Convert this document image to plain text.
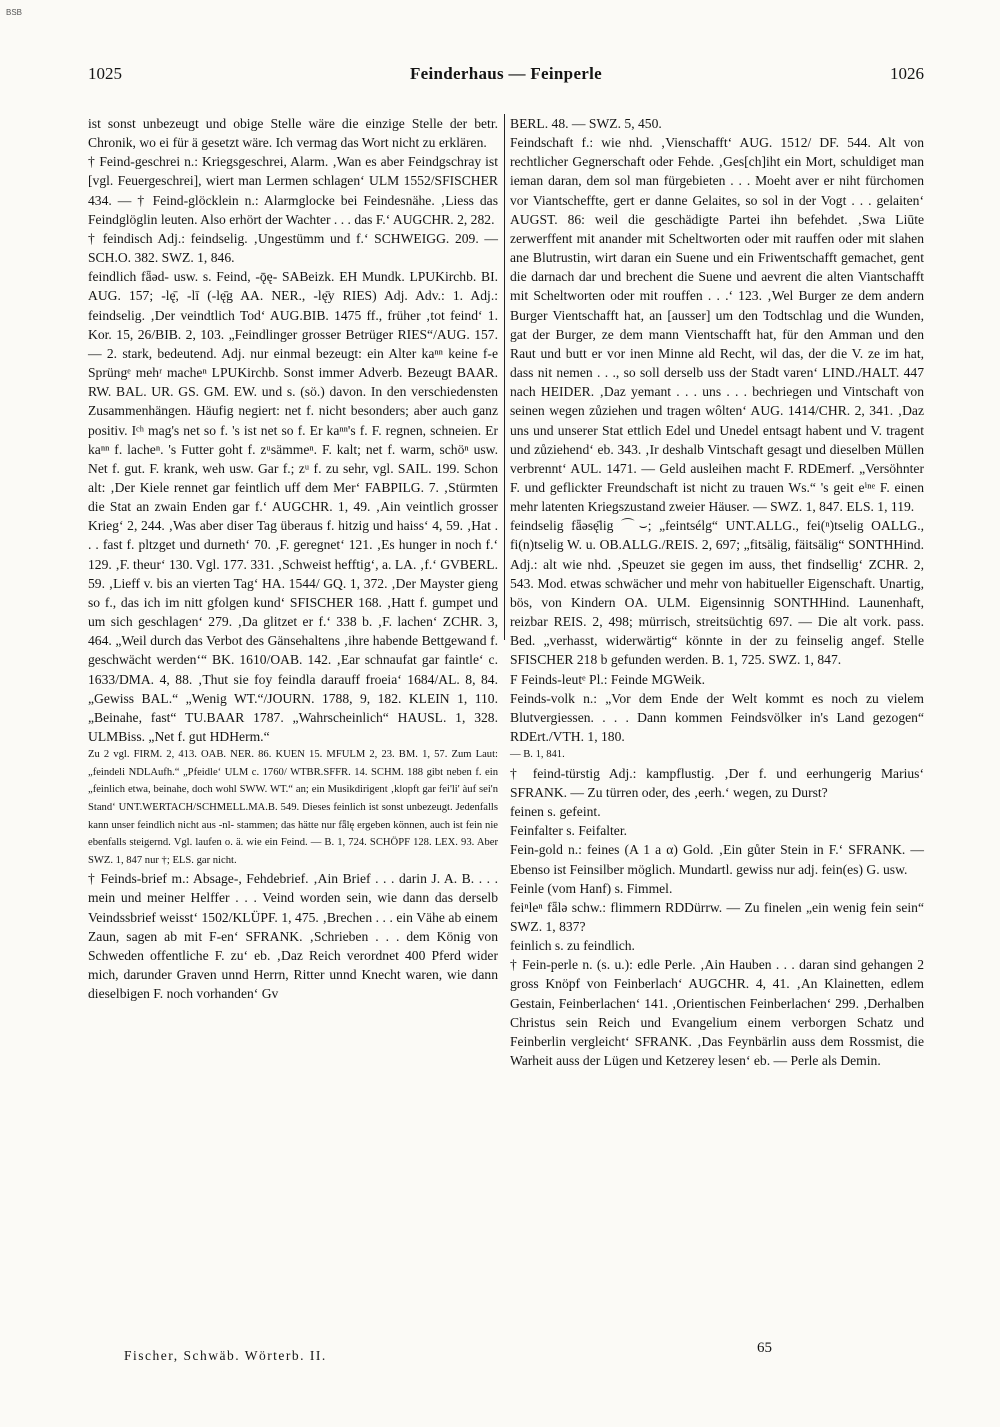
BSB
1025	Feinderhaus — Feinperle	1026

ist sonst unbezeugt und obige Stelle wäre die einzige Stelle der betr. Chronik, wo ei für ä gesetzt wäre. Ich vermag das Wort nicht zu erklären.

† Feind-geschrei n.: Kriegsgeschrei, Alarm. ‚Wan es aber Feindgschray ist [vgl. Feuergeschrei], wiert man Lermen schlagen‘ ULM 1552/SFISCHER 434. — † Feind-glöcklein n.: Alarmglocke bei Feindesnähe. ‚Liess das Feindglöglin leuten. Also erhört der Wachter . . . das F.‘ AUGCHR. 2, 282.

† feindisch Adj.: feindselig. ‚Ungestümm und f.‘ SCHWEIGG. 209. — SCH.O. 382. SWZ. 1, 846.

feindlich fǟəd- usw. s. Feind, -ǭę- SABeizk. EH Mundk. LPUKirchb. BI. AUG. 157; -lę̄, -lī (-lę̄g AA. NER., -lę̄y RIES) Adj. Adv.: 1. Adj.: feindselig. ‚Der veindtlich Tod‘ AUG.BIB. 1475 ff., früher ‚tot feind‘ 1. Kor. 15, 26/BIB. 2, 103. „Feindlinger grosser Betrüger RIES“/AUG. 157. — 2. stark, bedeutend. Adj. nur einmal bezeugt: ein Alter kaⁿⁿ keine f-e Sprüngᵉ mehʳ macheⁿ LPUKirchb. Sonst immer Adverb. Bezeugt BAAR. RW. BAL. UR. GS. GM. EW. und s. (sö.) davon. In den verschiedensten Zusammenhängen. Häufig negiert: net f. nicht besonders; aber auch ganz positiv. Iᶜʰ mag's net so f. 's ist net so f. Er kaⁿⁿ's f. F. regnen, schneien. Er kaⁿⁿ f. lacheⁿ. 's Futter goht f. zᵘsämmeⁿ. F. kalt; net f. warm, schöⁿ usw. Net f. gut. F. krank, weh usw. Gar f.; zᵘ f. zu sehr, vgl. SAIL. 199. Schon alt: ‚Der Kiele rennet gar feintlich uff dem Mer‘ FABPILG. 7. ‚Stürmten die Stat an zwain Enden gar f.‘ AUGCHR. 1, 49. ‚Ain veintlich grosser Krieg‘ 2, 244. ‚Was aber diser Tag überaus f. hitzig und haiss‘ 4, 59. ‚Hat . . . fast f. pltzget und durneth‘ 70. ‚F. geregnet‘ 121. ‚Es hunger in noch f.‘ 129. ‚F. theur‘ 130. Vgl. 177. 331. ‚Schweist hefftig‘, a. LA. ‚f.‘ GVBERL. 59. ‚Lieff v. bis an vierten Tag‘ HA. 1544/ GQ. 1, 372. ‚Der Mayster gieng so f., das ich im nitt gfolgen kund‘ SFISCHER 168. ‚Hatt f. gumpet und um sich geschlagen‘ 279. ‚Da glitzet er f.‘ 338 b. ‚F. lachen‘ ZCHR. 3, 464. „Weil durch das Verbot des Gänsehaltens ‚ihre habende Bettgewand f. geschwächt werden‘“ BK. 1610/OAB. 142. ‚Ear schnaufat gar faintle‘ c. 1633/DMA. 4, 88. ‚Thut sie foy feindla darauff froeia‘ 1684/AL. 8, 84. „Gewiss BAL.“ „Wenig WT.“/JOURN. 1788, 9, 182. KLEIN 1, 110. „Beinahe, fast“ TU.BAAR 1787. „Wahrscheinlich“ HAUSL. 1, 328. ULMBiss. „Net f. gut HDHerm.“

Zu 2 vgl. FIRM. 2, 413. OAB. NER. 86. KUEN 15. MFULM 2, 23. BM. 1, 57. Zum Laut: „feindeli NDLAufh.“ „Pfeidle‘ ULM c. 1760/ WTBR.SFFR. 14. SCHM. 188 gibt neben f. ein „feinlich etwa, beinahe, doch wohl SWW. WT.“ an; ein Musikdirigent ‚klopft gar fei'li' àuf sei'n Stand‘ UNT.WERTACH/SCHMELL.MA.B. 549. Dieses feinlich ist sonst unbezeugt. Jedenfalls kann unser feindlich nicht aus -nl- stammen; das hätte nur fǟlę ergeben können, auch ist fein nie ebenfalls steigernd. Vgl. laufen o. ä. wie ein Feind. — B. 1, 724. SCHÖPF 128. LEX. 93. Aber SWZ. 1, 847 nur †; ELS. gar nicht.

† Feinds-brief m.: Absage-, Fehdebrief. ‚Ain Brief . . . darin J. A. B. . . . mein und meiner Helffer . . . Veind worden sein, wie dann das derselb Veindssbrief weisst‘ 1502/KLÜPF. 1, 475. ‚Brechen . . . ein Vähe ab einem Zaun, sagen ab mit F-en‘ SFRANK. ‚Schrieben . . . dem König von Schweden offentliche F. zu‘ eb. ‚Daz Reich verordnet 400 Pferd wider mich, darunder Graven unnd Herrn, Ritter unnd Knecht waren, wie dann dieselbigen F. noch vorhanden‘ Gv

BERL. 48. — SWZ. 5, 450.

Feindschaft f.: wie nhd. ‚Vienschafft‘ AUG. 1512/ DF. 544. Alt von rechtlicher Gegnerschaft oder Fehde. ‚Ges[ch]iht ein Mort, schuldiget man ieman daran, dem sol man fürgebieten . . . Moeht aver er niht fürchomen vor Viantscheffte, gert er danne Gelaites, so sol in der Vogt . . . gelaiten‘ AUGST. 86: weil die geschädigte Partei ihn befehdet. ‚Swa Liūte zerwerffent mit anander mit Scheltworten oder mit rauffen oder mit slahen ane Blutrustin, wirt daran ein Suene und ein Friwentschafft gemachet, gent die darnach dar und brechent die Suene und aevrent die alten Viantschafft mit Scheltworten oder mit rouffen . . .‘ 123. ‚Wel Burger ze dem andern Burger Vientschafft hat, an [ausser] um den Todtschlag und die Wunden, gat der Burger, ze dem mann Vientschafft hat, für den Amman und den Raut und butt er vor inen Minne ald Recht, wil das, der die V. ze im hat, dass nit nemen . . ., so soll derselb uss der Stadt varen‘ LIND./HALT. 447 nach HEIDER. ‚Daz yemant . . . uns . . . bechriegen und Vintschaft von seinen wegen zůziehen und tragen wôlten‘ AUG. 1414/CHR. 2, 341. ‚Daz uns und unserer Stat ettlich Edel und Unedel entsagt habent und V. tragent und zůziehend‘ eb. 343. ‚Ir deshalb Vintschaft gesagt und dieselben Müllen verbrennt‘ AUL. 1471. — Geld ausleihen macht F. RDEmerf. „Versöhnter F. und geflickter Freundschaft ist nicht zu trauen Ws.“ 's geit eⁱⁿᵉ F. einen mehr latenten Kriegszustand zweier Häuser. — SWZ. 1, 847. ELS. 1, 119.

feindselig fǟəsę̄lig ⌒⌣; „feintsélg“ UNT.ALLG., fei(ⁿ)tselig OALLG., fi(n)tselig W. u. OB.ALLG./REIS. 2, 697; „fitsälig, fäitsälig“ SONTHHind. Adj.: alt wie nhd. ‚Speuzet sie gegen im auss, thet findsellig‘ ZCHR. 2, 543. Mod. etwas schwächer und mehr von habitueller Eigenschaft. Unartig, bös, von Kindern OA. ULM. Eigensinnig SONTHHind. Launenhaft, reizbar REIS. 2, 498; mürrisch, streitsüchtig 697. — Die alt vork. pass. Bed. „verhasst, widerwärtig“ könnte in der zu feinselig angef. Stelle SFISCHER 218 b gefunden werden. B. 1, 725. SWZ. 1, 847.

F Feinds-leutᵉ Pl.: Feinde MGWeik.

Feinds-volk n.: „Vor dem Ende der Welt kommt es noch zu vielem Blutvergiessen. . . . Dann kommen Feindsvölker in's Land gezogen“ RDErt./VTH. 1, 180.

— B. 1, 841.

† feind-türstig Adj.: kampflustig. ‚Der f. und eerhungerig Marius‘ SFRANK. — Zu türren oder, des ‚eerh.‘ wegen, zu Durst?

feinen s. gefeint.

Feinfalter s. Feifalter.

Fein-gold n.: feines (A 1 a α) Gold. ‚Ein gůter Stein in F.‘ SFRANK. — Ebenso ist Feinsilber möglich. Mundartl. gewiss nur adj. fein(es) G. usw.

Feinle (vom Hanf) s. Fimmel.

feiⁿleⁿ fǟlə schw.: flimmern RDDürrw. — Zu finelen „ein wenig fein sein“ SWZ. 1, 837?

feinlich s. zu feindlich.

† Fein-perle n. (s. u.): edle Perle. ‚Ain Hauben . . . daran sind gehangen 2 gross Knöpf von Feinberlach‘ AUGCHR. 4, 41. ‚An Klainetten, edlem Gestain, Feinberlachen‘ 141. ‚Orientischen Feinberlachen‘ 299. ‚Derhalben Christus sein Reich und Evangelium einem verborgen Schatz und Feinberlin vergleicht‘ SFRANK. ‚Das Feynbärlin auss dem Rossmist, die Warheit auss der Lügen und Ketzerey lesen‘ eb. — Perle als Demin.

Fischer, Schwäb. Wörterb. II.	65
